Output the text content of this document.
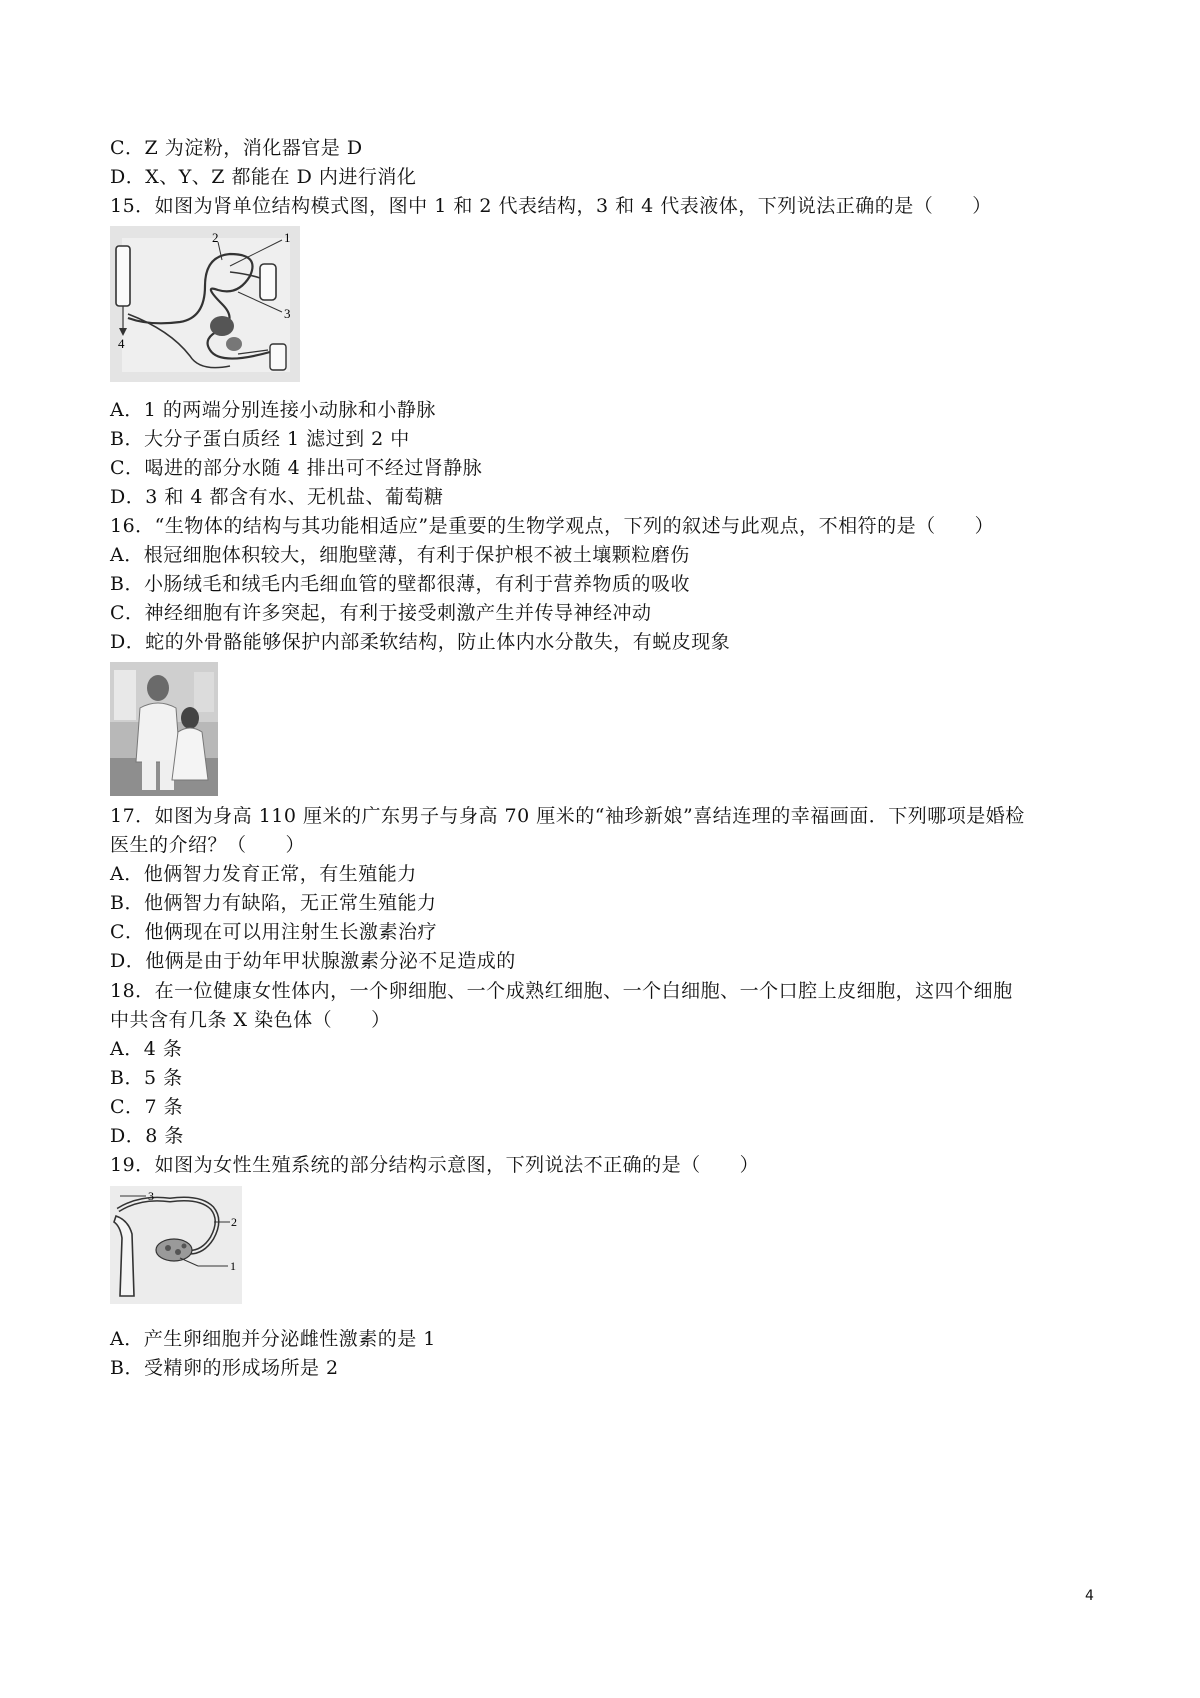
C．Z 为淀粉，消化器官是 D
D．X、Y、Z 都能在 D 内进行消化
15．如图为肾单位结构模式图，图中 1 和 2 代表结构，3 和 4 代表液体，下列说法正确的是（　　）
1
2
3
4
A．1 的两端分别连接小动脉和小静脉
B．大分子蛋白质经 1 滤过到 2 中
C．喝进的部分水随 4 排出可不经过肾静脉
D．3 和 4 都含有水、无机盐、葡萄糖
16．“生物体的结构与其功能相适应”是重要的生物学观点，下列的叙述与此观点，不相符的是（　　）
A．根冠细胞体积较大，细胞壁薄，有利于保护根不被土壤颗粒磨伤
B．小肠绒毛和绒毛内毛细血管的壁都很薄，有利于营养物质的吸收
C．神经细胞有许多突起，有利于接受刺激产生并传导神经冲动
D．蛇的外骨骼能够保护内部柔软结构，防止体内水分散失，有蜕皮现象
17．如图为身高 110 厘米的广东男子与身高 70 厘米的“袖珍新娘”喜结连理的幸福画面．下列哪项是婚检
医生的介绍？（　　）
A．他俩智力发育正常，有生殖能力
B．他俩智力有缺陷，无正常生殖能力
C．他俩现在可以用注射生长激素治疗
D．他俩是由于幼年甲状腺激素分泌不足造成的
18．在一位健康女性体内，一个卵细胞、一个成熟红细胞、一个白细胞、一个口腔上皮细胞，这四个细胞
中共含有几条 X 染色体（　　）
A．4 条
B．5 条
C．7 条
D．8 条
19．如图为女性生殖系统的部分结构示意图，下列说法不正确的是（　　）
3
2
1
A．产生卵细胞并分泌雌性激素的是 1
B．受精卵的形成场所是 2
4
